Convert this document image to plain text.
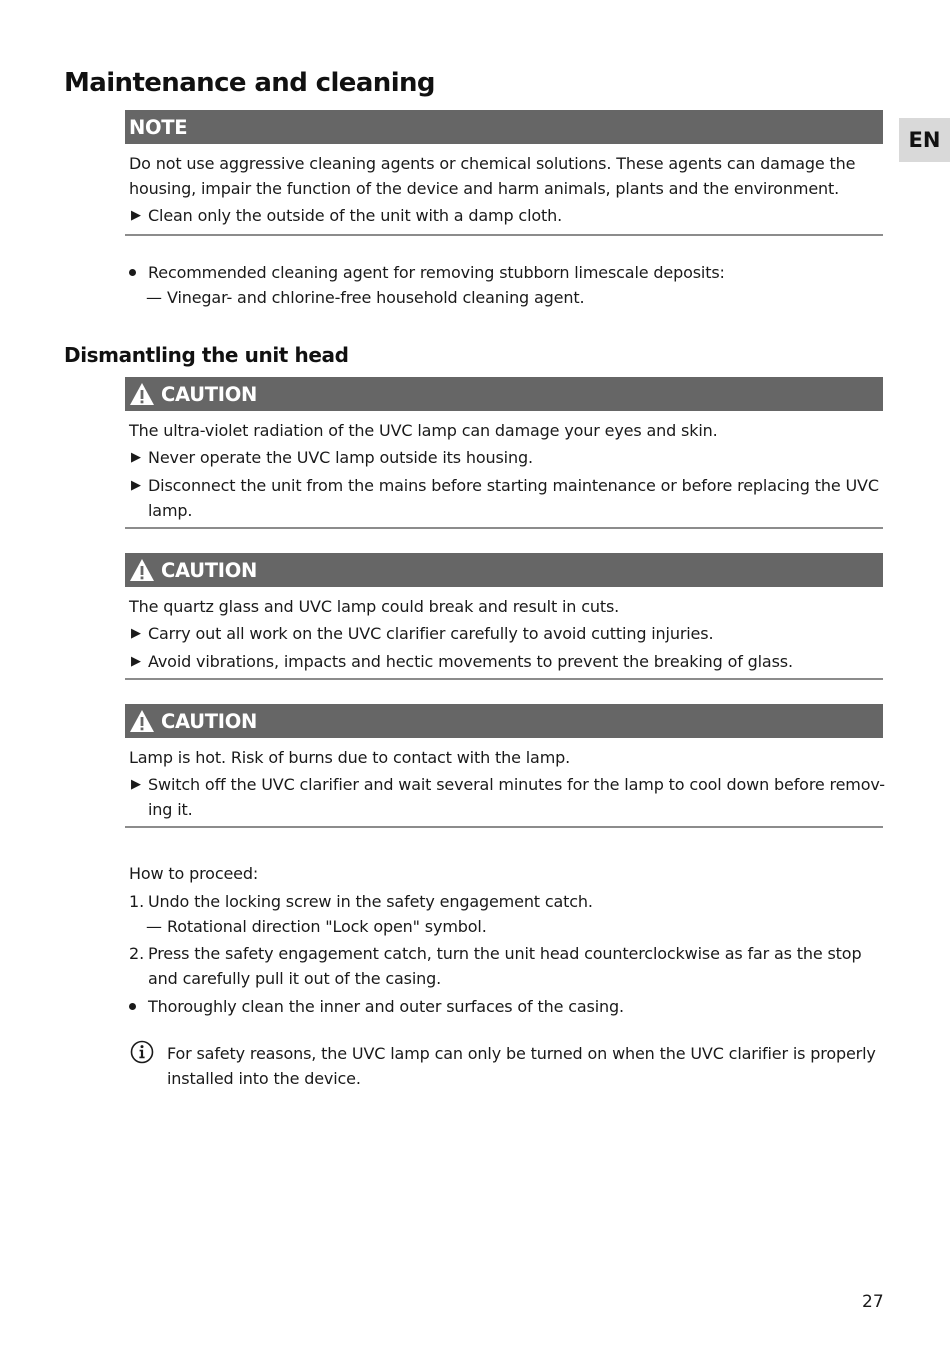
Maintenance and cleaning
EN
NOTE
Do not use aggressive cleaning agents or chemical solutions. These agents can damage the
housing, impair the function of the device and harm animals, plants and the environment.
▶ Clean only the outside of the unit with a damp cloth.
Recommended cleaning agent for removing stubborn limescale deposits:
— Vinegar- and chlorine-free household cleaning agent.
Dismantling the unit head
CAUTION
The ultra-violet radiation of the UVC lamp can damage your eyes and skin.
▶ Never operate the UVC lamp outside its housing.
▶ Disconnect the unit from the mains before starting maintenance or before replacing the UVC
lamp.
CAUTION
The quartz glass and UVC lamp could break and result in cuts.
▶ Carry out all work on the UVC clarifier carefully to avoid cutting injuries.
▶ Avoid vibrations, impacts and hectic movements to prevent the breaking of glass.
CAUTION
Lamp is hot. Risk of burns due to contact with the lamp.
▶ Switch off the UVC clarifier and wait several minutes for the lamp to cool down before remov-
ing it.
How to proceed:
1. Undo the locking screw in the safety engagement catch.
— Rotational direction "Lock open" symbol.
2. Press the safety engagement catch, turn the unit head counterclockwise as far as the stop
and carefully pull it out of the casing.
Thoroughly clean the inner and outer surfaces of the casing.
For safety reasons, the UVC lamp can only be turned on when the UVC clarifier is properly
installed into the device.
27
